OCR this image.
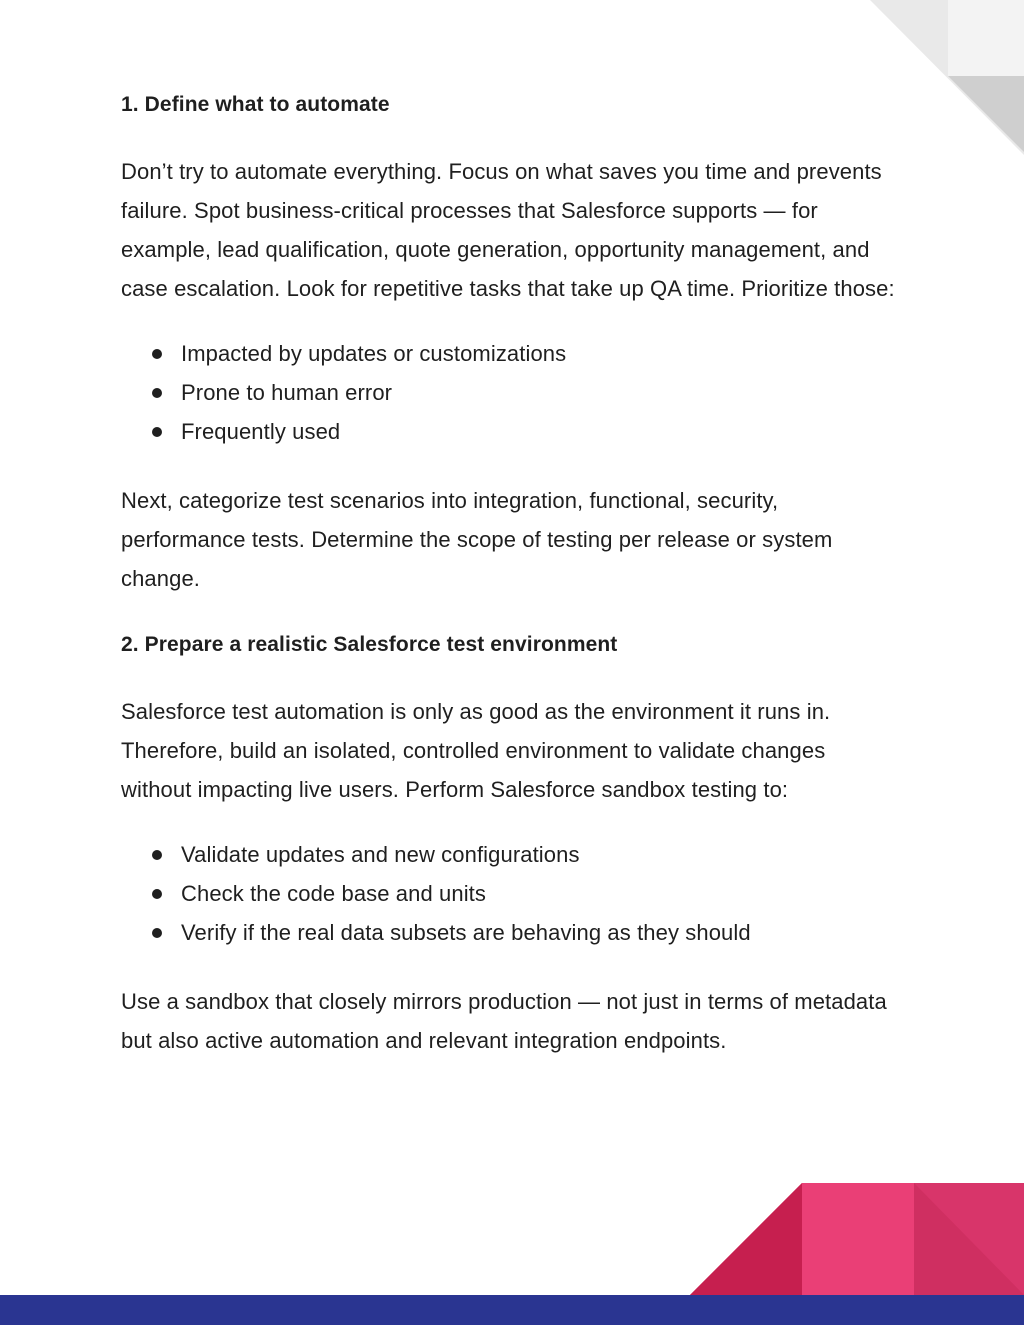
1. Define what to automate

Don’t try to automate everything. Focus on what saves you time and prevents failure. Spot business-critical processes that Salesforce supports — for example, lead qualification, quote generation, opportunity management, and case escalation. Look for repetitive tasks that take up QA time. Prioritize those:

Impacted by updates or customizations
Prone to human error
Frequently used

Next, categorize test scenarios into integration, functional, security, performance tests. Determine the scope of testing per release or system change.

2. Prepare a realistic Salesforce test environment

Salesforce test automation is only as good as the environment it runs in. Therefore, build an isolated, controlled environment to validate changes without impacting live users. Perform Salesforce sandbox testing to:

Validate updates and new configurations
Check the code base and units
Verify if the real data subsets are behaving as they should

Use a sandbox that closely mirrors production — not just in terms of metadata but also active automation and relevant integration endpoints.
